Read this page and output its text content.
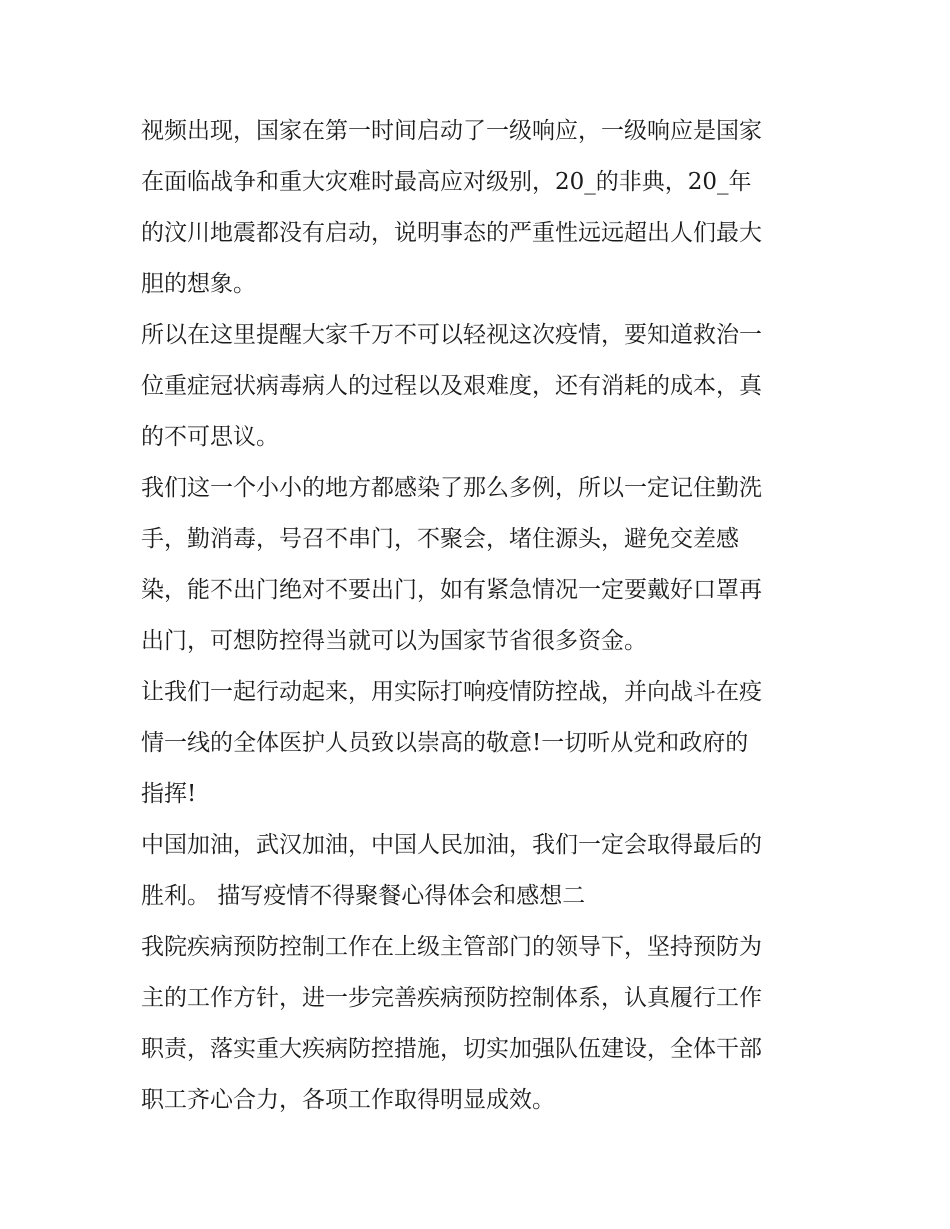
视频出现，国家在第一时间启动了一级响应，一级响应是国家
在面临战争和重大灾难时最高应对级别，20_的非典，20_年
的汶川地震都没有启动，说明事态的严重性远远超出人们最大
胆的想象。
所以在这里提醒大家千万不可以轻视这次疫情，要知道救治一
位重症冠状病毒病人的过程以及艰难度，还有消耗的成本，真
的不可思议。
我们这一个小小的地方都感染了那么多例，所以一定记住勤洗
手，勤消毒，号召不串门，不聚会，堵住源头，避免交差感
染，能不出门绝对不要出门，如有紧急情况一定要戴好口罩再
出门，可想防控得当就可以为国家节省很多资金。
让我们一起行动起来，用实际打响疫情防控战，并向战斗在疫
情一线的全体医护人员致以崇高的敬意!一切听从党和政府的
指挥!
中国加油，武汉加油，中国人民加油，我们一定会取得最后的
胜利。 描写疫情不得聚餐心得体会和感想二
我院疾病预防控制工作在上级主管部门的领导下，坚持预防为
主的工作方针，进一步完善疾病预防控制体系，认真履行工作
职责，落实重大疾病防控措施，切实加强队伍建设，全体干部
职工齐心合力，各项工作取得明显成效。
